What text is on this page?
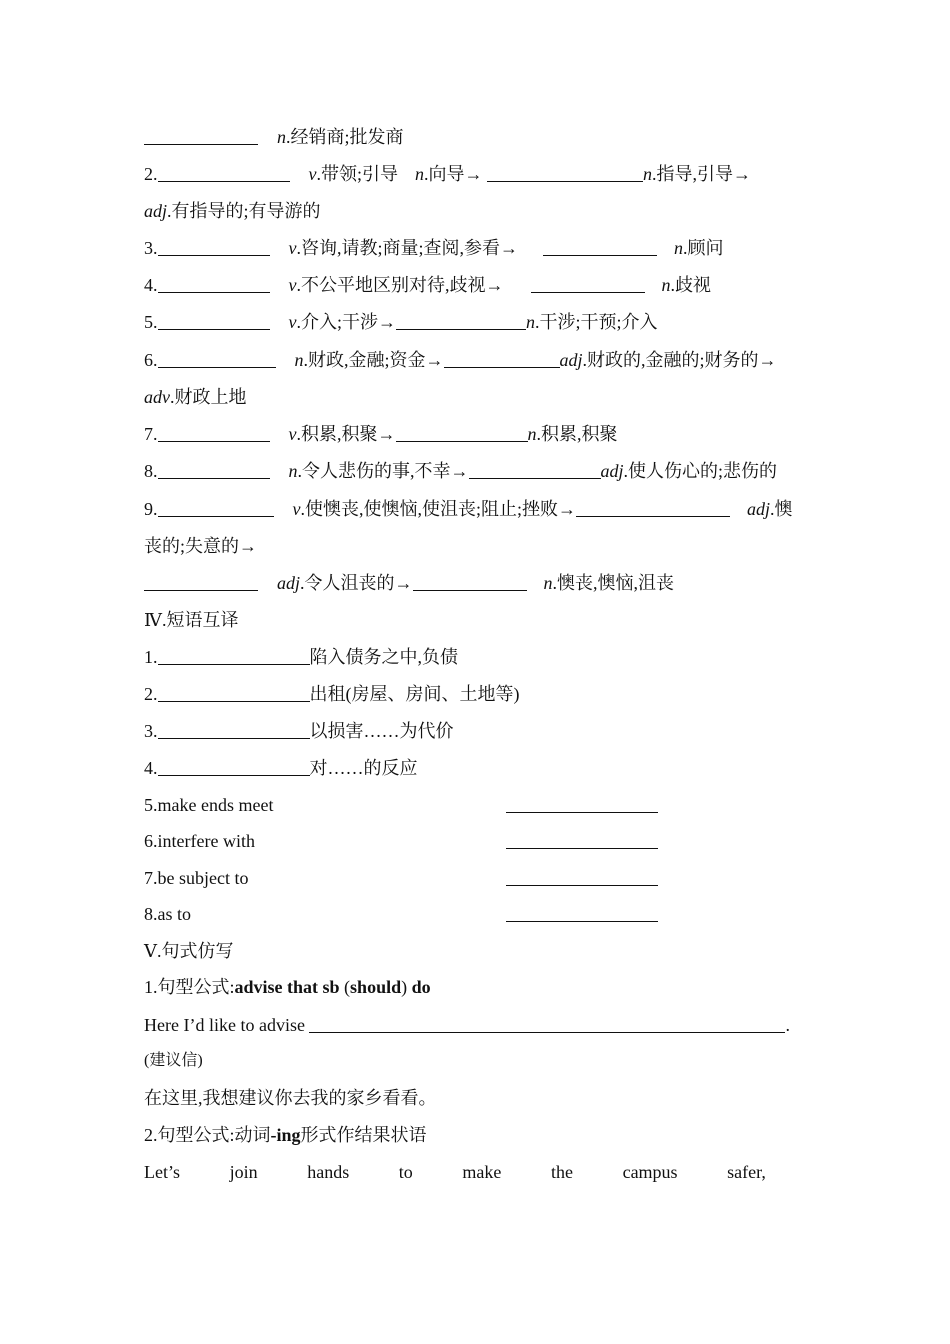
n.经销商;批发商
2.	v.带领;引导 n.向导→	n.指导,引导→
adj.有指导的;有导游的
3.	v.咨询,请教;商量;查阅,参看→	n.顾问
4.	v.不公平地区别对待,歧视→	n.歧视
5.	v.介入;干涉→	n.干涉;干预;介入
6.	n.财政,金融;资金→	adj.财政的,金融的;财务的→
adv.财政上地
7.	v.积累,积聚→	n.积累,积聚
8.	n.令人悲伤的事,不幸→	adj.使人伤心的;悲伤的
9.	v.使懊丧,使懊恼,使沮丧;阻止;挫败→	adj.懊
丧的;失意的→
adj.令人沮丧的→	n.懊丧,懊恼,沮丧
Ⅳ.短语互译
1.	陷入债务之中,负债
2.	出租(房屋、房间、土地等)
3.	以损害……为代价
4.	对……的反应
5.make ends meet
6.interfere with
7.be subject to
8.as to
Ⅴ.句式仿写
1.句型公式:advise that sb (should) do
Here I’d like to advise	.
(建议信)
在这里,我想建议你去我的家乡看看。
2.句型公式:动词-ing形式作结果状语
Let’s	join	hands	to	make	the	campus	safer,
